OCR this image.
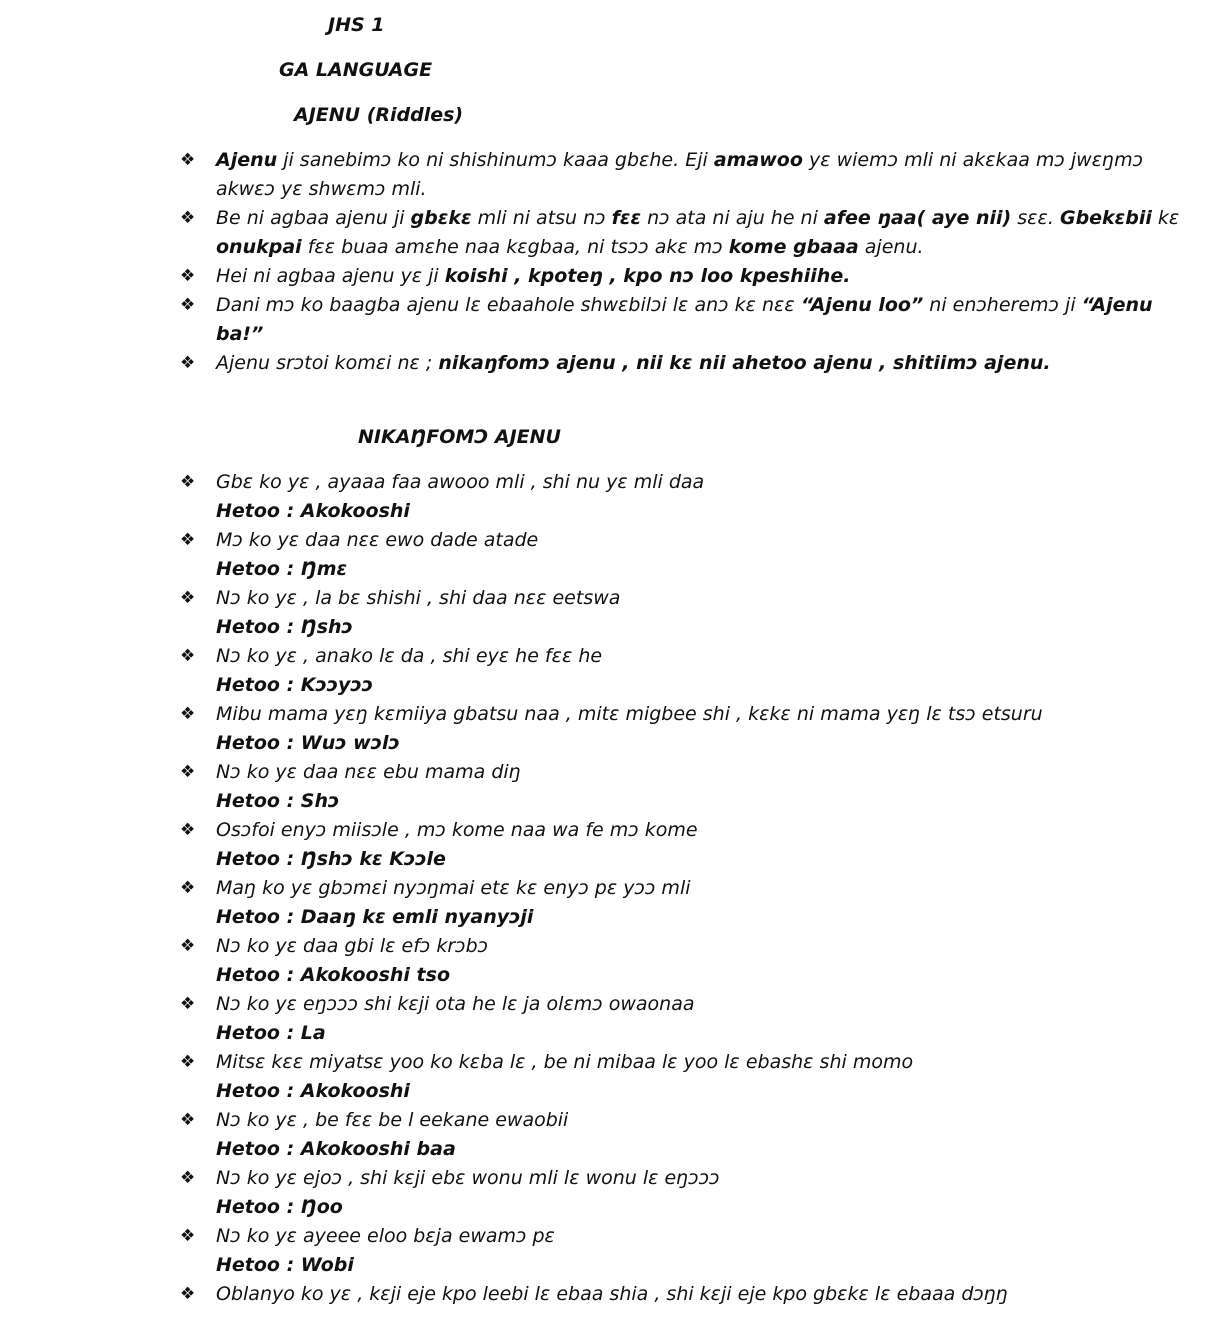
JHS 1
GA LANGUAGE
AJENU (Riddles)
❖ Ajenu ji sanebimɔ ko ni shishinumɔ kaaa gbɛhe. Eji amawoo yɛ wiemɔ mli ni akɛkaa mɔ jwɛŋmɔ
akwɛɔ yɛ shwɛmɔ mli.
❖ Be ni agbaa ajenu ji gbɛkɛ mli ni atsu nɔ fɛɛ nɔ ata ni aju he ni afee ŋaa( aye nii) sɛɛ. Gbekɛbii kɛ
onukpai fɛɛ buaa amɛhe naa kɛgbaa, ni tsɔɔ akɛ mɔ kome gbaaa ajenu.
❖ Hei ni agbaa ajenu yɛ ji koishi , kpoteŋ , kpo nɔ loo kpeshiihe.
❖ Dani mɔ ko baagba ajenu lɛ ebaahole shwɛbilɔi lɛ anɔ kɛ nɛɛ “Ajenu loo” ni enɔheremɔ ji “Ajenu
ba!”
❖ Ajenu srɔtoi komɛi nɛ ; nikaŋfomɔ ajenu , nii kɛ nii ahetoo ajenu , shitiimɔ ajenu.
NIKAŊFOMƆ AJENU
❖ Gbɛ ko yɛ , ayaaa faa awooo mli , shi nu yɛ mli daa
Hetoo : Akokooshi
❖ Mɔ ko yɛ daa nɛɛ ewo dade atade
Hetoo : Ŋmɛ
❖ Nɔ ko yɛ , la bɛ shishi , shi daa nɛɛ eetswa
Hetoo : Ŋshɔ
❖ Nɔ ko yɛ , anako lɛ da , shi eyɛ he fɛɛ he
Hetoo : Kɔɔyɔɔ
❖ Mibu mama yɛŋ kɛmiiya gbatsu naa , mitɛ migbee shi , kɛkɛ ni mama yɛŋ lɛ tsɔ etsuru
Hetoo : Wuɔ wɔlɔ
❖ Nɔ ko yɛ daa nɛɛ ebu mama diŋ
Hetoo : Shɔ
❖ Osɔfoi enyɔ miisɔle , mɔ kome naa wa fe mɔ kome
Hetoo : Ŋshɔ kɛ Kɔɔle
❖ Maŋ ko yɛ gbɔmɛi nyɔŋmai etɛ kɛ enyɔ pɛ yɔɔ mli
Hetoo : Daaŋ kɛ emli nyanyɔji
❖ Nɔ ko yɛ daa gbi lɛ efɔ krɔbɔ
Hetoo : Akokooshi tso
❖ Nɔ ko yɛ eŋɔɔɔ shi kɛji ota he lɛ ja olɛmɔ owaonaa
Hetoo : La
❖ Mitsɛ kɛɛ miyatsɛ yoo ko kɛba lɛ , be ni mibaa lɛ yoo lɛ ebashɛ shi momo
Hetoo : Akokooshi
❖ Nɔ ko yɛ , be fɛɛ be l eekane ewaobii
Hetoo : Akokooshi baa
❖ Nɔ ko yɛ ejoɔ , shi kɛji ebɛ wonu mli lɛ wonu lɛ eŋɔɔɔ
Hetoo : Ŋoo
❖ Nɔ ko yɛ ayeee eloo bɛja ewamɔ pɛ
Hetoo : Wobi
❖ Oblanyo ko yɛ , kɛji eje kpo leebi lɛ ebaa shia , shi kɛji eje kpo gbɛkɛ lɛ ebaaa dɔŋŋ
